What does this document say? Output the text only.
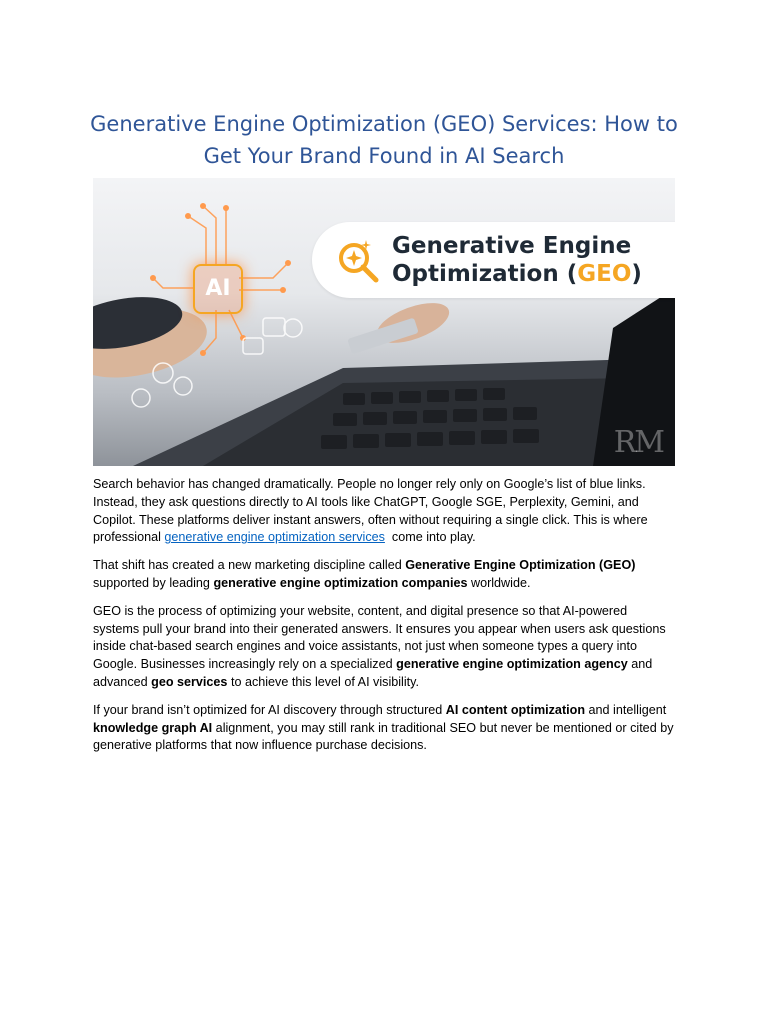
Generative Engine Optimization (GEO) Services: How to Get Your Brand Found in AI Search
AI
Generative Engine
Optimization (GEO)
RM

Search behavior has changed dramatically. People no longer rely only on Google’s list of blue links. Instead, they ask questions directly to AI tools like ChatGPT, Google SGE, Perplexity, Gemini, and Copilot. These platforms deliver instant answers, often without requiring a single click. This is where professional generative engine optimization services  come into play.

That shift has created a new marketing discipline called Generative Engine Optimization (GEO) supported by leading generative engine optimization companies worldwide.

GEO is the process of optimizing your website, content, and digital presence so that AI-powered systems pull your brand into their generated answers. It ensures you appear when users ask questions inside chat-based search engines and voice assistants, not just when someone types a query into Google. Businesses increasingly rely on a specialized generative engine optimization agency and advanced geo services to achieve this level of AI visibility.

If your brand isn’t optimized for AI discovery through structured AI content optimization and intelligent knowledge graph AI alignment, you may still rank in traditional SEO but never be mentioned or cited by generative platforms that now influence purchase decisions.
